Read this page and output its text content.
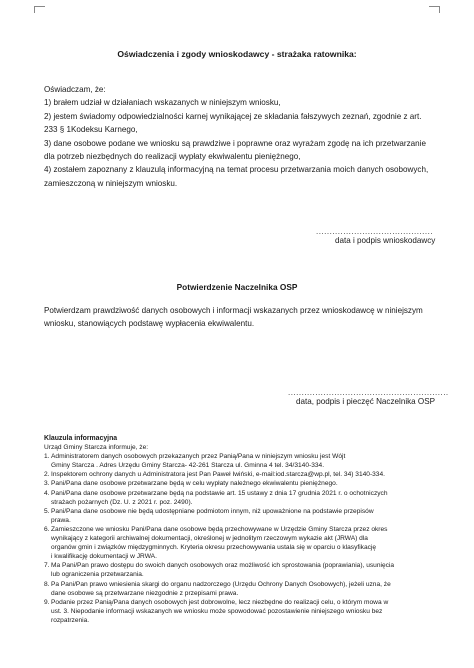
Oświadczenia i zgody wnioskodawcy - strażaka ratownika:
Oświadczam, że:
1) brałem udział w działaniach wskazanych w niniejszym wniosku,
2) jestem świadomy odpowiedzialności karnej wynikającej ze składania fałszywych zeznań, zgodnie z art.
233 § 1Kodeksu Karnego,
3) dane osobowe podane we wniosku są prawdziwe i poprawne oraz wyrażam zgodę na ich przetwarzanie
dla potrzeb niezbędnych do realizacji wypłaty ekwiwalentu pieniężnego,
4) zostałem zapoznany z klauzulą informacyjną na temat procesu przetwarzania moich danych osobowych,
zamieszczoną w niniejszym wniosku.
...........................................
data i podpis wnioskodawcy
Potwierdzenie Naczelnika OSP
Potwierdzam prawdziwość danych osobowych i informacji wskazanych przez wnioskodawcę w niniejszym
wniosku, stanowiących podstawę wypłacenia ekwiwalentu.
...........................................................
data, podpis i pieczęć Naczelnika OSP
Klauzula informacyjna
Urząd Gminy Starcza informuje, że:
1. Administratorem danych osobowych przekazanych przez Panią/Pana w niniejszym wniosku jest Wójt
Gminy Starcza . Adres Urzędu Gminy Starcza- 42-261 Starcza ul. Gminna 4 tel. 34/3140-334.
2. Inspektorem ochrony danych u Administratora jest Pan Paweł Iwiński, e-mail:iod.starcza@wp.pl, tel. 34) 3140-334.
3. Pani/Pana dane osobowe przetwarzane będą w celu wypłaty należnego ekwiwalentu pieniężnego.
4. Pani/Pana dane osobowe przetwarzane będą na podstawie art. 15 ustawy z dnia 17 grudnia 2021 r. o ochotniczych
strażach pożarnych (Dz. U. z 2021 r. poz. 2490).
5. Pani/Pana dane osobowe nie będą udostępniane podmiotom innym, niż upoważnione na podstawie przepisów
prawa.
6. Zamieszczone we wniosku Pani/Pana dane osobowe będą przechowywane w Urzędzie Gminy Starcza przez okres
wynikający z kategorii archiwalnej dokumentacji, określonej w jednolitym rzeczowym wykazie akt (JRWA) dla
organów gmin i związków międzygminnych. Kryteria okresu przechowywania ustala się w oparciu o klasyfikację
i kwalifikację dokumentacji w JRWA.
7. Ma Pani/Pan prawo dostępu do swoich danych osobowych oraz możliwość ich sprostowania (poprawiania), usunięcia
lub ograniczenia przetwarzania.
8. Pa Pani/Pan prawo wniesienia skargi do organu nadzorczego (Urzędu Ochrony Danych Osobowych), jeżeli uzna, że
dane osobowe są przetwarzane niezgodnie z przepisami prawa.
9. Podanie przez Panią/Pana danych osobowych jest dobrowolne, lecz niezbędne do realizacji celu, o którym mowa w
ust. 3. Niepodanie informacji wskazanych we wniosku może spowodować pozostawienie niniejszego wniosku bez
rozpatrzenia.
